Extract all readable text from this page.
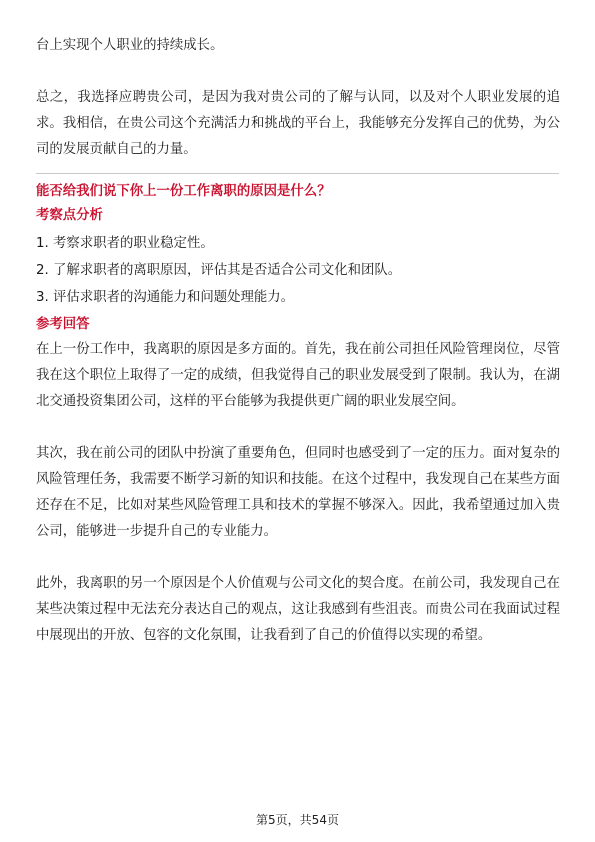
台上实现个人职业的持续成长。

总之，我选择应聘贵公司，是因为我对贵公司的了解与认同，以及对个人职业发展的追求。我相信，在贵公司这个充满活力和挑战的平台上，我能够充分发挥自己的优势，为公司的发展贡献自己的力量。

能否给我们说下你上一份工作离职的原因是什么？

考察点分析

1. 考察求职者的职业稳定性。
2. 了解求职者的离职原因，评估其是否适合公司文化和团队。
3. 评估求职者的沟通能力和问题处理能力。

参考回答

在上一份工作中，我离职的原因是多方面的。首先，我在前公司担任风险管理岗位，尽管我在这个职位上取得了一定的成绩，但我觉得自己的职业发展受到了限制。我认为，在湖北交通投资集团公司，这样的平台能够为我提供更广阔的职业发展空间。

其次，我在前公司的团队中扮演了重要角色，但同时也感受到了一定的压力。面对复杂的风险管理任务，我需要不断学习新的知识和技能。在这个过程中，我发现自己在某些方面还存在不足，比如对某些风险管理工具和技术的掌握不够深入。因此，我希望通过加入贵公司，能够进一步提升自己的专业能力。

此外，我离职的另一个原因是个人价值观与公司文化的契合度。在前公司，我发现自己在某些决策过程中无法充分表达自己的观点，这让我感到有些沮丧。而贵公司在我面试过程中展现出的开放、包容的文化氛围，让我看到了自己的价值得以实现的希望。

第5页，共54页
